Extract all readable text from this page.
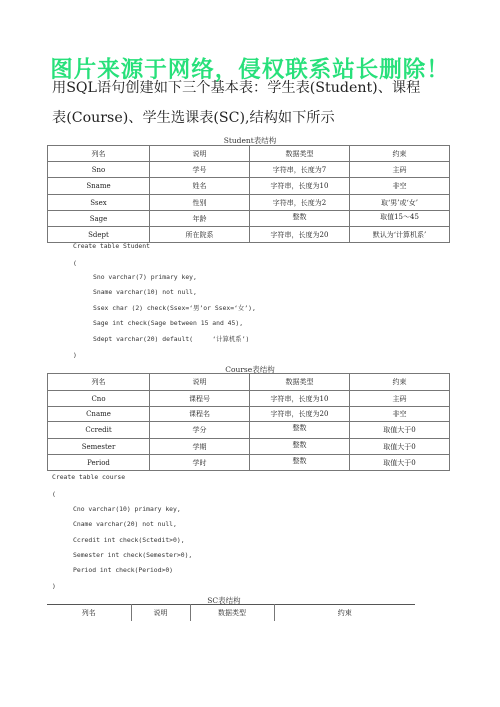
图片来源于网络，侵权联系站长删除！
用SQL语句创建如下三个基本表：学生表(Student)、课程
表(Course)、学生选课表(SC),结构如下所示
Student表结构
列名	说明	数据类型	约束
Sno	学号	字符串，长度为7	主码
Sname	姓名	字符串，长度为10	非空
Ssex	性别	字符串，长度为2	取‘男’或‘女’
Sage	年龄	整数	取值15～45
Sdept	所在院系	字符串，长度为20	默认为‘计算机系’
Create table Student
(
Sno varchar(7) primary key,
Sname varchar(10) not null,
Ssex char (2) check(Ssex=‘男’or Ssex=‘女’),
Sage int check(Sage between 15 and 45),
Sdept varchar(20) default(     ‘计算机系’)
)
Course表结构
列名	说明	数据类型	约束
Cno	课程号	字符串，长度为10	主码
Cname	课程名	字符串，长度为20	非空
Ccredit	学分	整数	取值大于0
Semester	学期	整数	取值大于0
Period	学时	整数	取值大于0
Create table course
(
Cno varchar(10) primary key,
Cname varchar(20) not null,
Ccredit int check(Sctedit>0),
Semester int check(Semester>0),
Period int check(Period>0)
)
SC表结构
列名	说明	数据类型	约束
